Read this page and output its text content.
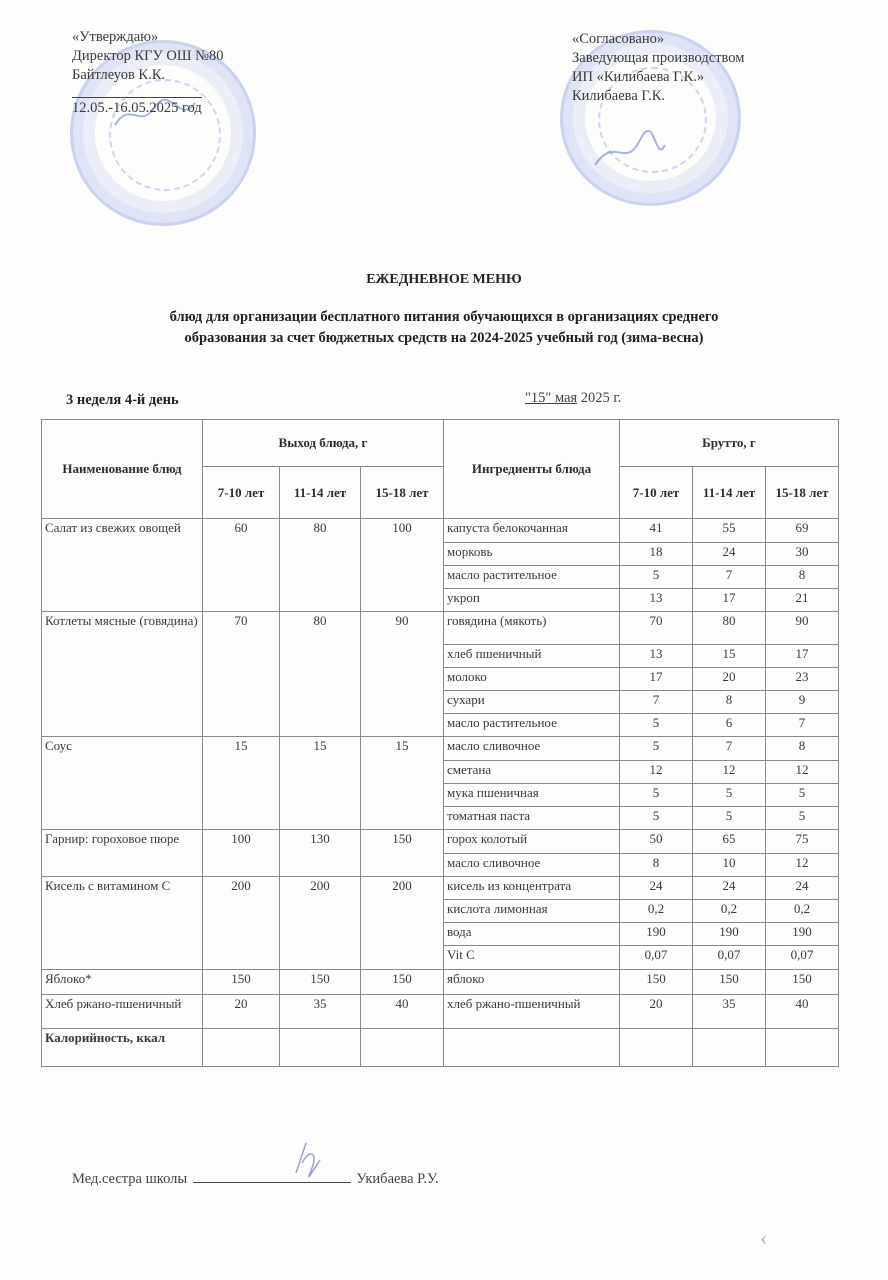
«Утверждаю»
Директор КГУ ОШ №80
Байтлеуов К.К.
12.05.-16.05.2025 год
«Согласовано»
Заведующая производством
ИП «Килибаева Г.К.»
Килибаева Г.К.
ЕЖЕДНЕВНОЕ МЕНЮ
блюд для организации бесплатного питания обучающихся в организациях среднего
образования за счет бюджетных средств на 2024-2025 учебный год (зима-весна)
3 неделя 4-й день	"15" мая 2025 г.
Наименование блюд	Выход блюда, г			Ингредиенты блюда	Брутто, г		
	7-10 лет	11-14 лет	15-18 лет		7-10 лет	11-14 лет	15-18 лет
Салат из свежих овощей	60	80	100	капуста белокочанная	41	55	69
				морковь	18	24	30
				масло растительное	5	7	8
				укроп	13	17	21
Котлеты мясные (говядина)	70	80	90	говядина (мякоть)	70	80	90
				хлеб пшеничный	13	15	17
				молоко	17	20	23
				сухари	7	8	9
				масло растительное	5	6	7
Соус	15	15	15	масло сливочное	5	7	8
				сметана	12	12	12
				мука пшеничная	5	5	5
				томатная паста	5	5	5
Гарнир: гороховое пюре	100	130	150	горох колотый	50	65	75
				масло сливочное	8	10	12
Кисель с витамином С	200	200	200	кисель из концентрата	24	24	24
				кислота лимонная	0,2	0,2	0,2
				вода	190	190	190
				Vit C	0,07	0,07	0,07
Яблоко*	150	150	150	яблоко	150	150	150
Хлеб ржано-пшеничный	20	35	40	хлеб ржано-пшеничный	20	35	40
Калорийность, ккал							
Мед.сестра школы	Укибаева Р.У.
‹
